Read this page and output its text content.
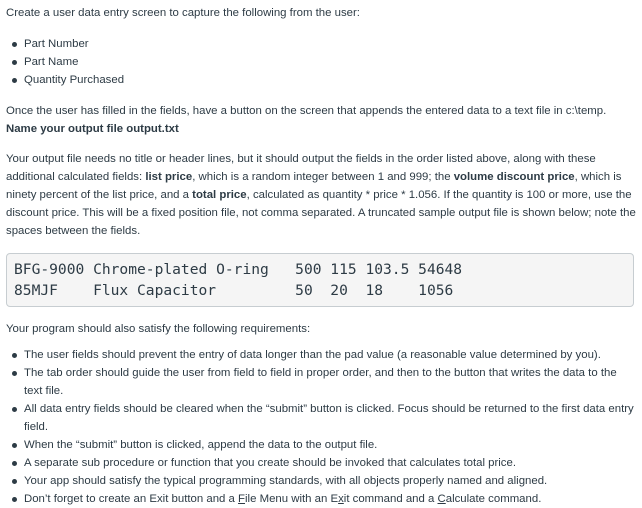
Create a user data entry screen to capture the following from the user:

Part Number
Part Name
Quantity Purchased

Once the user has filled in the fields, have a button on the screen that appends the entered data to a text file in c:\temp.  Name your output file output.txt

Your output file needs no title or header lines, but it should output the fields in the order listed above, along with these additional calculated fields: list price, which is a random integer between 1 and 999; the volume discount price, which is ninety percent of the list price, and a total price, calculated as quantity * price * 1.056. If the quantity is 100 or more, use the discount price. This will be a fixed position file, not comma separated. A truncated sample output file is shown below; note the spaces between the fields.

BFG-9000 Chrome-plated O-ring   500 115 103.5 54648
85MJF    Flux Capacitor         50  20  18    1056

Your program should also satisfy the following requirements:

The user fields should prevent the entry of data longer than the pad value (a reasonable value determined by you).
The tab order should guide the user from field to field in proper order, and then to the button that writes the data to the text file.
All data entry fields should be cleared when the “submit” button is clicked. Focus should be returned to the first data entry field.
When the “submit” button is clicked, append the data to the output file.
A separate sub procedure or function that you create should be invoked that calculates total price.
Your app should satisfy the typical programming standards, with all objects properly named and aligned.
Don’t forget to create an Exit button and a File Menu with an Exit command and a Calculate command.
